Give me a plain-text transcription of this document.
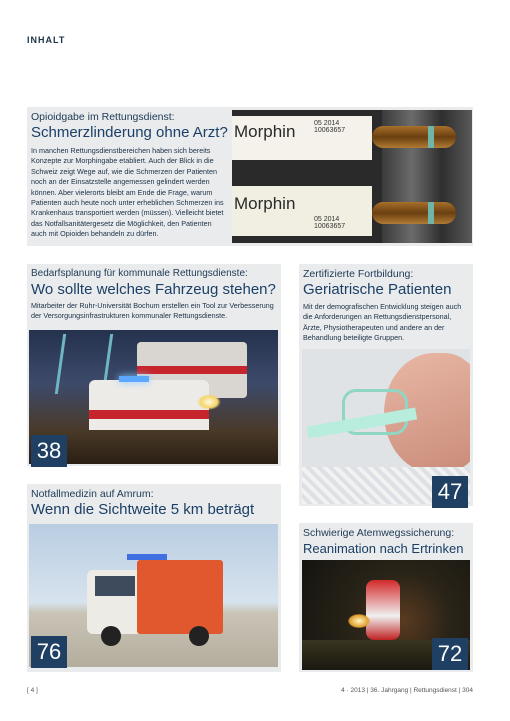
INHALT
Opioidgabe im Rettungsdienst:
Schmerzlinderung ohne Arzt?
In manchen Rettungsdienstbereichen haben sich bereits Konzepte zur Morphingabe etabliert. Auch der Blick in die Schweiz zeigt Wege auf, wie die Schmerzen der Patienten noch an der Einsatzstelle angemessen gelindert werden können. Aber vielerorts bleibt am Ende die Frage, warum Patienten auch heute noch unter erheblichen Schmerzen ins Krankenhaus transportiert werden (müssen). Vielleicht bietet das Notfallsanitätergesetz die Möglichkeit, den Patienten auch mit Opioiden behandeln zu dürfen.
Morphin	05 2014 10063657
Morphin
05 2014 10063657
Bedarfsplanung für kommunale Rettungsdienste:
Wo sollte welches Fahrzeug stehen?
Mitarbeiter der Ruhr-Universität Bochum erstellen ein Tool zur Verbesserung der Versorgungsinfrastrukturen kommunaler Rettungsdienste.
38
Zertifizierte Fortbildung:
Geriatrische Patienten
Mit der demografischen Entwicklung steigen auch die Anforderungen an Rettungsdienstpersonal, Ärzte, Physiotherapeuten und andere an der Behandlung beteiligte Gruppen.
47
Notfallmedizin auf Amrum:
Wenn die Sichtweite 5 km beträgt
76
Schwierige Atemwegssicherung:
Reanimation nach Ertrinken
72
[ 4 ]	4 · 2013 | 36. Jahrgang | Rettungsdienst | 304
